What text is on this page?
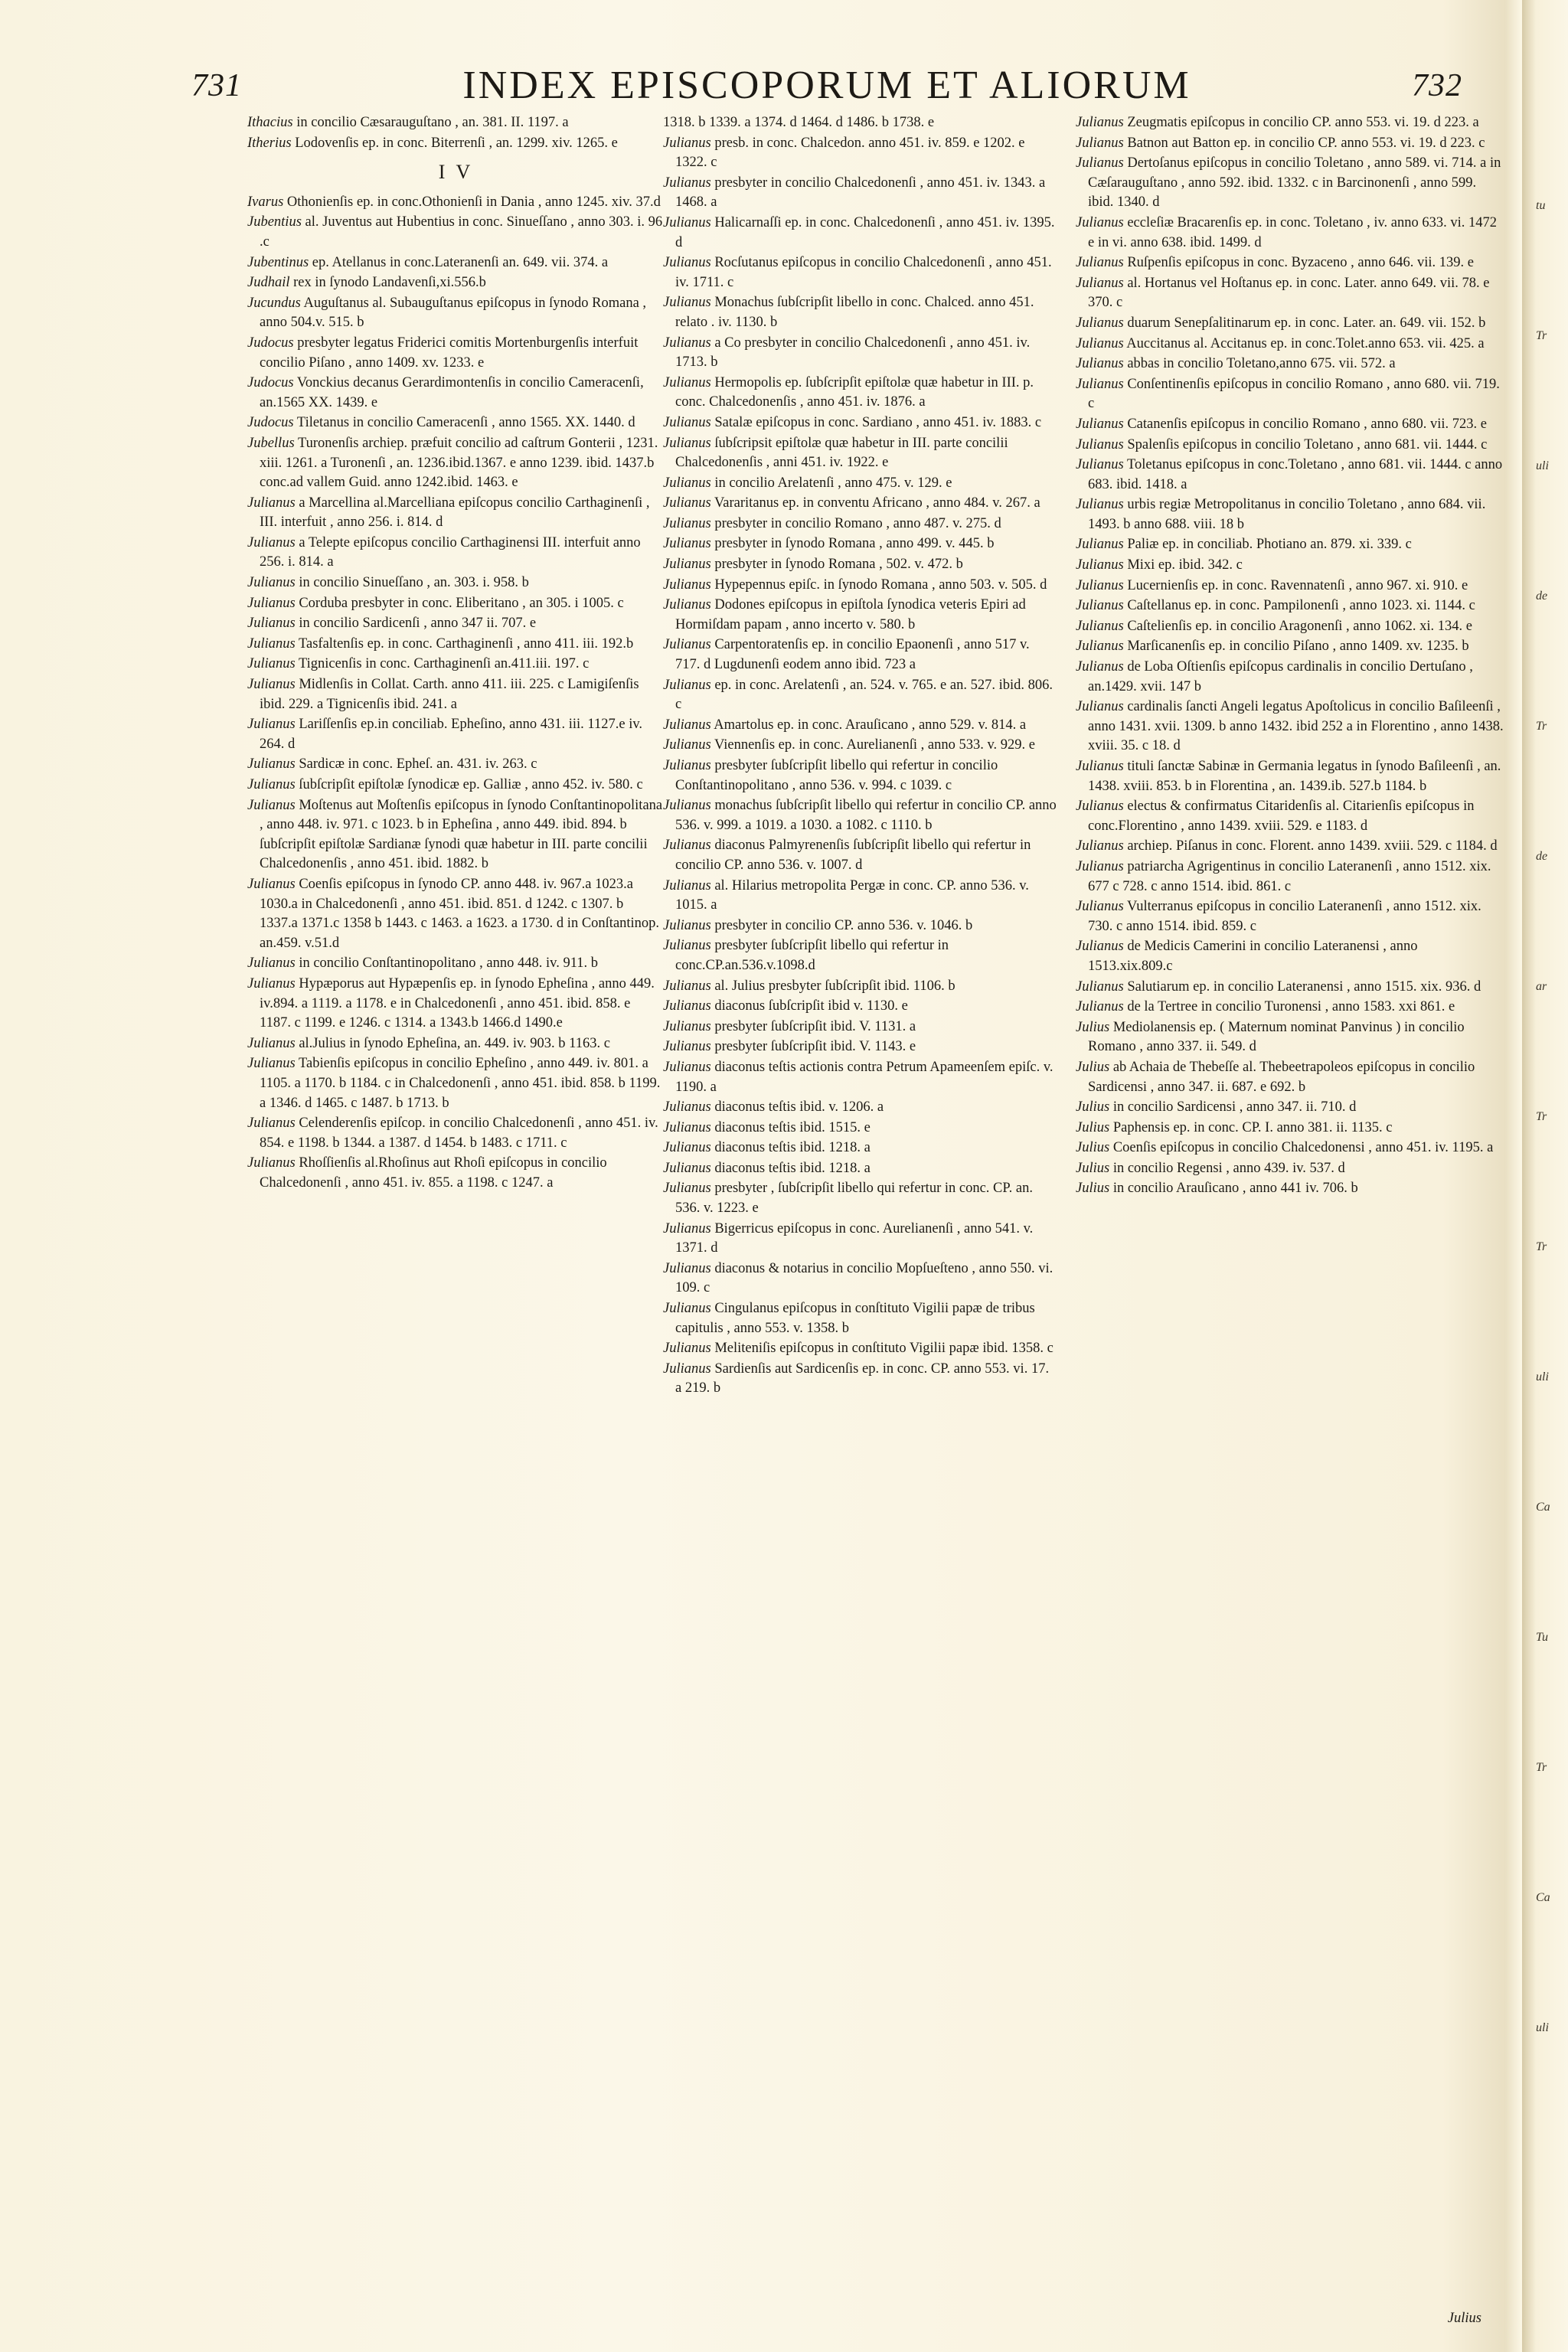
731	INDEX EPISCOPORUM ET ALIORUM	732
Ithacius in concilio Cæsarauguſtano , an. 381. II. 1197. a
Itherius Lodovenſis ep. in conc. Biterrenſi , an. 1299. xiv. 1265. e
I V
Ivarus Othonienſis ep. in conc.Othonienſi in Dania , anno 1245. xiv. 37.d
Jubentius al. Juventus aut Hubentius in conc. Sinueſſano , anno 303. i. 96 .c
Jubentinus ep. Atellanus in conc.Lateranenſi an. 649. vii. 374. a
Judhail rex in ſynodo Landavenſi,xi.556.b
Jucundus Auguſtanus al. Subauguſtanus epiſcopus in ſynodo Romana , anno 504.v. 515. b
Judocus presbyter legatus Friderici comitis Mortenburgenſis interfuit concilio Piſano , anno 1409. xv. 1233. e
Judocus Vonckius decanus Gerardimontenſis in concilio Cameracenſi, an.1565 XX. 1439. e
Judocus Tiletanus in concilio Cameracenſi , anno 1565. XX. 1440. d
Jubellus Turonenſis archiep. præfuit concilio ad caſtrum Gonterii , 1231. xiii. 1261. a Turonenſi , an. 1236.ibid.1367. e anno 1239. ibid. 1437.b conc.ad vallem Guid. anno 1242.ibid. 1463. e
Julianus a Marcellina al.Marcelliana epiſcopus concilio Carthaginenſi , III. interfuit , anno 256. i. 814. d
Julianus a Telepte epiſcopus concilio Carthaginensi III. interfuit anno 256. i. 814. a
Julianus in concilio Sinueſſano , an. 303. i. 958. b
Julianus Corduba presbyter in conc. Eliberitano , an 305. i 1005. c
Julianus in concilio Sardicenſi , anno 347 ii. 707. e
Julianus Tasfaltenſis ep. in conc. Carthaginenſi , anno 411. iii. 192.b
Julianus Tignicenſis in conc. Carthaginenſi an.411.iii. 197. c
Julianus Midlenſis in Collat. Carth. anno 411. iii. 225. c Lamigiſenſis ibid. 229. a Tignicenſis ibid. 241. a
Julianus Lariſſenſis ep.in conciliab. Epheſino, anno 431. iii. 1127.e iv. 264. d
Julianus Sardicæ in conc. Epheſ. an. 431. iv. 263. c
Julianus ſubſcripſit epiſtolæ ſynodicæ ep. Galliæ , anno 452. iv. 580. c
Julianus Moſtenus aut Moſtenſis epiſcopus in ſynodo Conſtantinopolitana , anno 448. iv. 971. c 1023. b in Epheſina , anno 449. ibid. 894. b ſubſcripſit epiſtolæ Sardianæ ſynodi quæ habetur in III. parte concilii Chalcedonenſis , anno 451. ibid. 1882. b
Julianus Coenſis epiſcopus in ſynodo CP. anno 448. iv. 967.a 1023.a 1030.a in Chalcedonenſi , anno 451. ibid. 851. d 1242. c 1307. b 1337.a 1371.c 1358 b 1443. c 1463. a 1623. a 1730. d in Conſtantinop. an.459. v.51.d
Julianus in concilio Conſtantinopolitano , anno 448. iv. 911. b
Julianus Hypæporus aut Hypæpenſis ep. in ſynodo Epheſina , anno 449. iv.894. a 1119. a 1178. e in Chalcedonenſi , anno 451. ibid. 858. e 1187. c 1199. e 1246. c 1314. a 1343.b 1466.d 1490.e
Julianus al.Julius in ſynodo Epheſina, an. 449. iv. 903. b 1163. c
Julianus Tabienſis epiſcopus in concilio Epheſino , anno 449. iv. 801. a 1105. a 1170. b 1184. c in Chalcedonenſi , anno 451. ibid. 858. b 1199. a 1346. d 1465. c 1487. b 1713. b
Julianus Celenderenſis epiſcop. in concilio Chalcedonenſi , anno 451. iv. 854. e 1198. b 1344. a 1387. d 1454. b 1483. c 1711. c
Julianus Rhoſſienſis al.Rhoſinus aut Rhoſi epiſcopus in concilio Chalcedonenſi , anno 451. iv. 855. a 1198. c 1247. a
1318. b 1339. a 1374. d 1464. d 1486. b 1738. e
Julianus presb. in conc. Chalcedon. anno 451. iv. 859. e 1202. e 1322. c
Julianus presbyter in concilio Chalcedonenſi , anno 451. iv. 1343. a 1468. a
Julianus Halicarnaſſi ep. in conc. Chalcedonenſi , anno 451. iv. 1395. d
Julianus Rocſutanus epiſcopus in concilio Chalcedonenſi , anno 451. iv. 1711. c
Julianus Monachus ſubſcripſit libello in conc. Chalced. anno 451. relato . iv. 1130. b
Julianus a Co presbyter in concilio Chalcedonenſi , anno 451. iv. 1713. b
Julianus Hermopolis ep. ſubſcripſit epiſtolæ quæ habetur in III. p. conc. Chalcedonenſis , anno 451. iv. 1876. a
Julianus Satalæ epiſcopus in conc. Sardiano , anno 451. iv. 1883. c
Julianus ſubſcripsit epiſtolæ quæ habetur in III. parte concilii Chalcedonenſis , anni 451. iv. 1922. e
Julianus in concilio Arelatenſi , anno 475. v. 129. e
Julianus Vararitanus ep. in conventu Africano , anno 484. v. 267. a
Julianus presbyter in concilio Romano , anno 487. v. 275. d
Julianus presbyter in ſynodo Romana , anno 499. v. 445. b
Julianus presbyter in ſynodo Romana , 502. v. 472. b
Julianus Hypepennus epiſc. in ſynodo Romana , anno 503. v. 505. d
Julianus Dodones epiſcopus in epiſtola ſynodica veteris Epiri ad Hormiſdam papam , anno incerto v. 580. b
Julianus Carpentoratenſis ep. in concilio Epaonenſi , anno 517 v. 717. d Lugdunenſi eodem anno ibid. 723 a
Julianus ep. in conc. Arelatenſi , an. 524. v. 765. e an. 527. ibid. 806. c
Julianus Amartolus ep. in conc. Arauſicano , anno 529. v. 814. a
Julianus Viennenſis ep. in conc. Aurelianenſi , anno 533. v. 929. e
Julianus presbyter ſubſcripſit libello qui refertur in concilio Conſtantinopolitano , anno 536. v. 994. c 1039. c
Julianus monachus ſubſcripſit libello qui refertur in concilio CP. anno 536. v. 999. a 1019. a 1030. a 1082. c 1110. b
Julianus diaconus Palmyrenenſis ſubſcripſit libello qui refertur in concilio CP. anno 536. v. 1007. d
Julianus al. Hilarius metropolita Pergæ in conc. CP. anno 536. v. 1015. a
Julianus presbyter in concilio CP. anno 536. v. 1046. b
Julianus presbyter ſubſcripſit libello qui refertur in conc.CP.an.536.v.1098.d
Julianus al. Julius presbyter ſubſcripſit ibid. 1106. b
Julianus diaconus ſubſcripſit ibid v. 1130. e
Julianus presbyter ſubſcripſit ibid. V. 1131. a
Julianus presbyter ſubſcripſit ibid. V. 1143. e
Julianus diaconus teſtis actionis contra Petrum Apameenſem epiſc. v. 1190. a
Julianus diaconus teſtis ibid. v. 1206. a
Julianus diaconus teſtis ibid. 1515. e
Julianus diaconus teſtis ibid. 1218. a
Julianus diaconus teſtis ibid. 1218. a
Julianus presbyter , ſubſcripſit libello qui refertur in conc. CP. an. 536. v. 1223. e
Julianus Bigerricus epiſcopus in conc. Aurelianenſi , anno 541. v. 1371. d
Julianus diaconus & notarius in concilio Mopſueſteno , anno 550. vi. 109. c
Julianus Cingulanus epiſcopus in conſtituto Vigilii papæ de tribus capitulis , anno 553. v. 1358. b
Julianus Meliteniſis epiſcopus in conſtituto Vigilii papæ ibid. 1358. c
Julianus Sardienſis aut Sardicenſis ep. in conc. CP. anno 553. vi. 17. a 219. b
Julianus Zeugmatis epiſcopus in concilio CP. anno 553. vi. 19. d 223. a
Julianus Batnon aut Batton ep. in concilio CP. anno 553. vi. 19. d 223. c
Julianus Dertoſanus epiſcopus in concilio Toletano , anno 589. vi. 714. a in Cæſarauguſtano , anno 592. ibid. 1332. c in Barcinonenſi , anno 599. ibid. 1340. d
Julianus eccleſiæ Bracarenſis ep. in conc. Toletano , iv. anno 633. vi. 1472 e in vi. anno 638. ibid. 1499. d
Julianus Ruſpenſis epiſcopus in conc. Byzaceno , anno 646. vii. 139. e
Julianus al. Hortanus vel Hoſtanus ep. in conc. Later. anno 649. vii. 78. e 370. c
Julianus duarum Senepſalitinarum ep. in conc. Later. an. 649. vii. 152. b
Julianus Auccitanus al. Accitanus ep. in conc.Tolet.anno 653. vii. 425. a
Julianus abbas in concilio Toletano,anno 675. vii. 572. a
Julianus Conſentinenſis epiſcopus in concilio Romano , anno 680. vii. 719. c
Julianus Catanenſis epiſcopus in concilio Romano , anno 680. vii. 723. e
Julianus Spalenſis epiſcopus in concilio Toletano , anno 681. vii. 1444. c
Julianus Toletanus epiſcopus in conc.Toletano , anno 681. vii. 1444. c anno 683. ibid. 1418. a
Julianus urbis regiæ Metropolitanus in concilio Toletano , anno 684. vii. 1493. b anno 688. viii. 18 b
Julianus Paliæ ep. in conciliab. Photiano an. 879. xi. 339. c
Julianus Mixi ep. ibid. 342. c
Julianus Lucernienſis ep. in conc. Ravennatenſi , anno 967. xi. 910. e
Julianus Caſtellanus ep. in conc. Pampilonenſi , anno 1023. xi. 1144. c
Julianus Caſtelienſis ep. in concilio Aragonenſi , anno 1062. xi. 134. e
Julianus Marſicanenſis ep. in concilio Piſano , anno 1409. xv. 1235. b
Julianus de Loba Oſtienſis epiſcopus cardinalis in concilio Dertuſano , an.1429. xvii. 147 b
Julianus cardinalis ſancti Angeli legatus Apoſtolicus in concilio Baſileenſi , anno 1431. xvii. 1309. b anno 1432. ibid 252 a in Florentino , anno 1438. xviii. 35. c 18. d
Julianus tituli ſanctæ Sabinæ in Germania legatus in ſynodo Baſileenſi , an. 1438. xviii. 853. b in Florentina , an. 1439.ib. 527.b 1184. b
Julianus electus & confirmatus Citaridenſis al. Citarienſis epiſcopus in conc.Florentino , anno 1439. xviii. 529. e 1183. d
Julianus archiep. Piſanus in conc. Florent. anno 1439. xviii. 529. c 1184. d
Julianus patriarcha Agrigentinus in concilio Lateranenſi , anno 1512. xix. 677 c 728. c anno 1514. ibid. 861. c
Julianus Vulterranus epiſcopus in concilio Lateranenſi , anno 1512. xix. 730. c anno 1514. ibid. 859. c
Julianus de Medicis Camerini in concilio Lateranensi , anno 1513.xix.809.c
Julianus Salutiarum ep. in concilio Lateranensi , anno 1515. xix. 936. d
Julianus de la Tertree in concilio Turonensi , anno 1583. xxi 861. e
Julius Mediolanensis ep. ( Maternum nominat Panvinus ) in concilio Romano , anno 337. ii. 549. d
Julius ab Achaia de Thebeſſe al. Thebeetrapoleos epiſcopus in concilio Sardicensi , anno 347. ii. 687. e 692. b
Julius in concilio Sardicensi , anno 347. ii. 710. d
Julius Paphensis ep. in conc. CP. I. anno 381. ii. 1135. c
Julius Coenſis epiſcopus in concilio Chalcedonensi , anno 451. iv. 1195. a
Julius in concilio Regensi , anno 439. iv. 537. d
Julius in concilio Arauſicano , anno 441 iv. 706. b
Julius
tu
Tr
uli
de
Tr
de
ar
Tr
Tr
uli
Ca
Tu
Tr
Ca
uli
